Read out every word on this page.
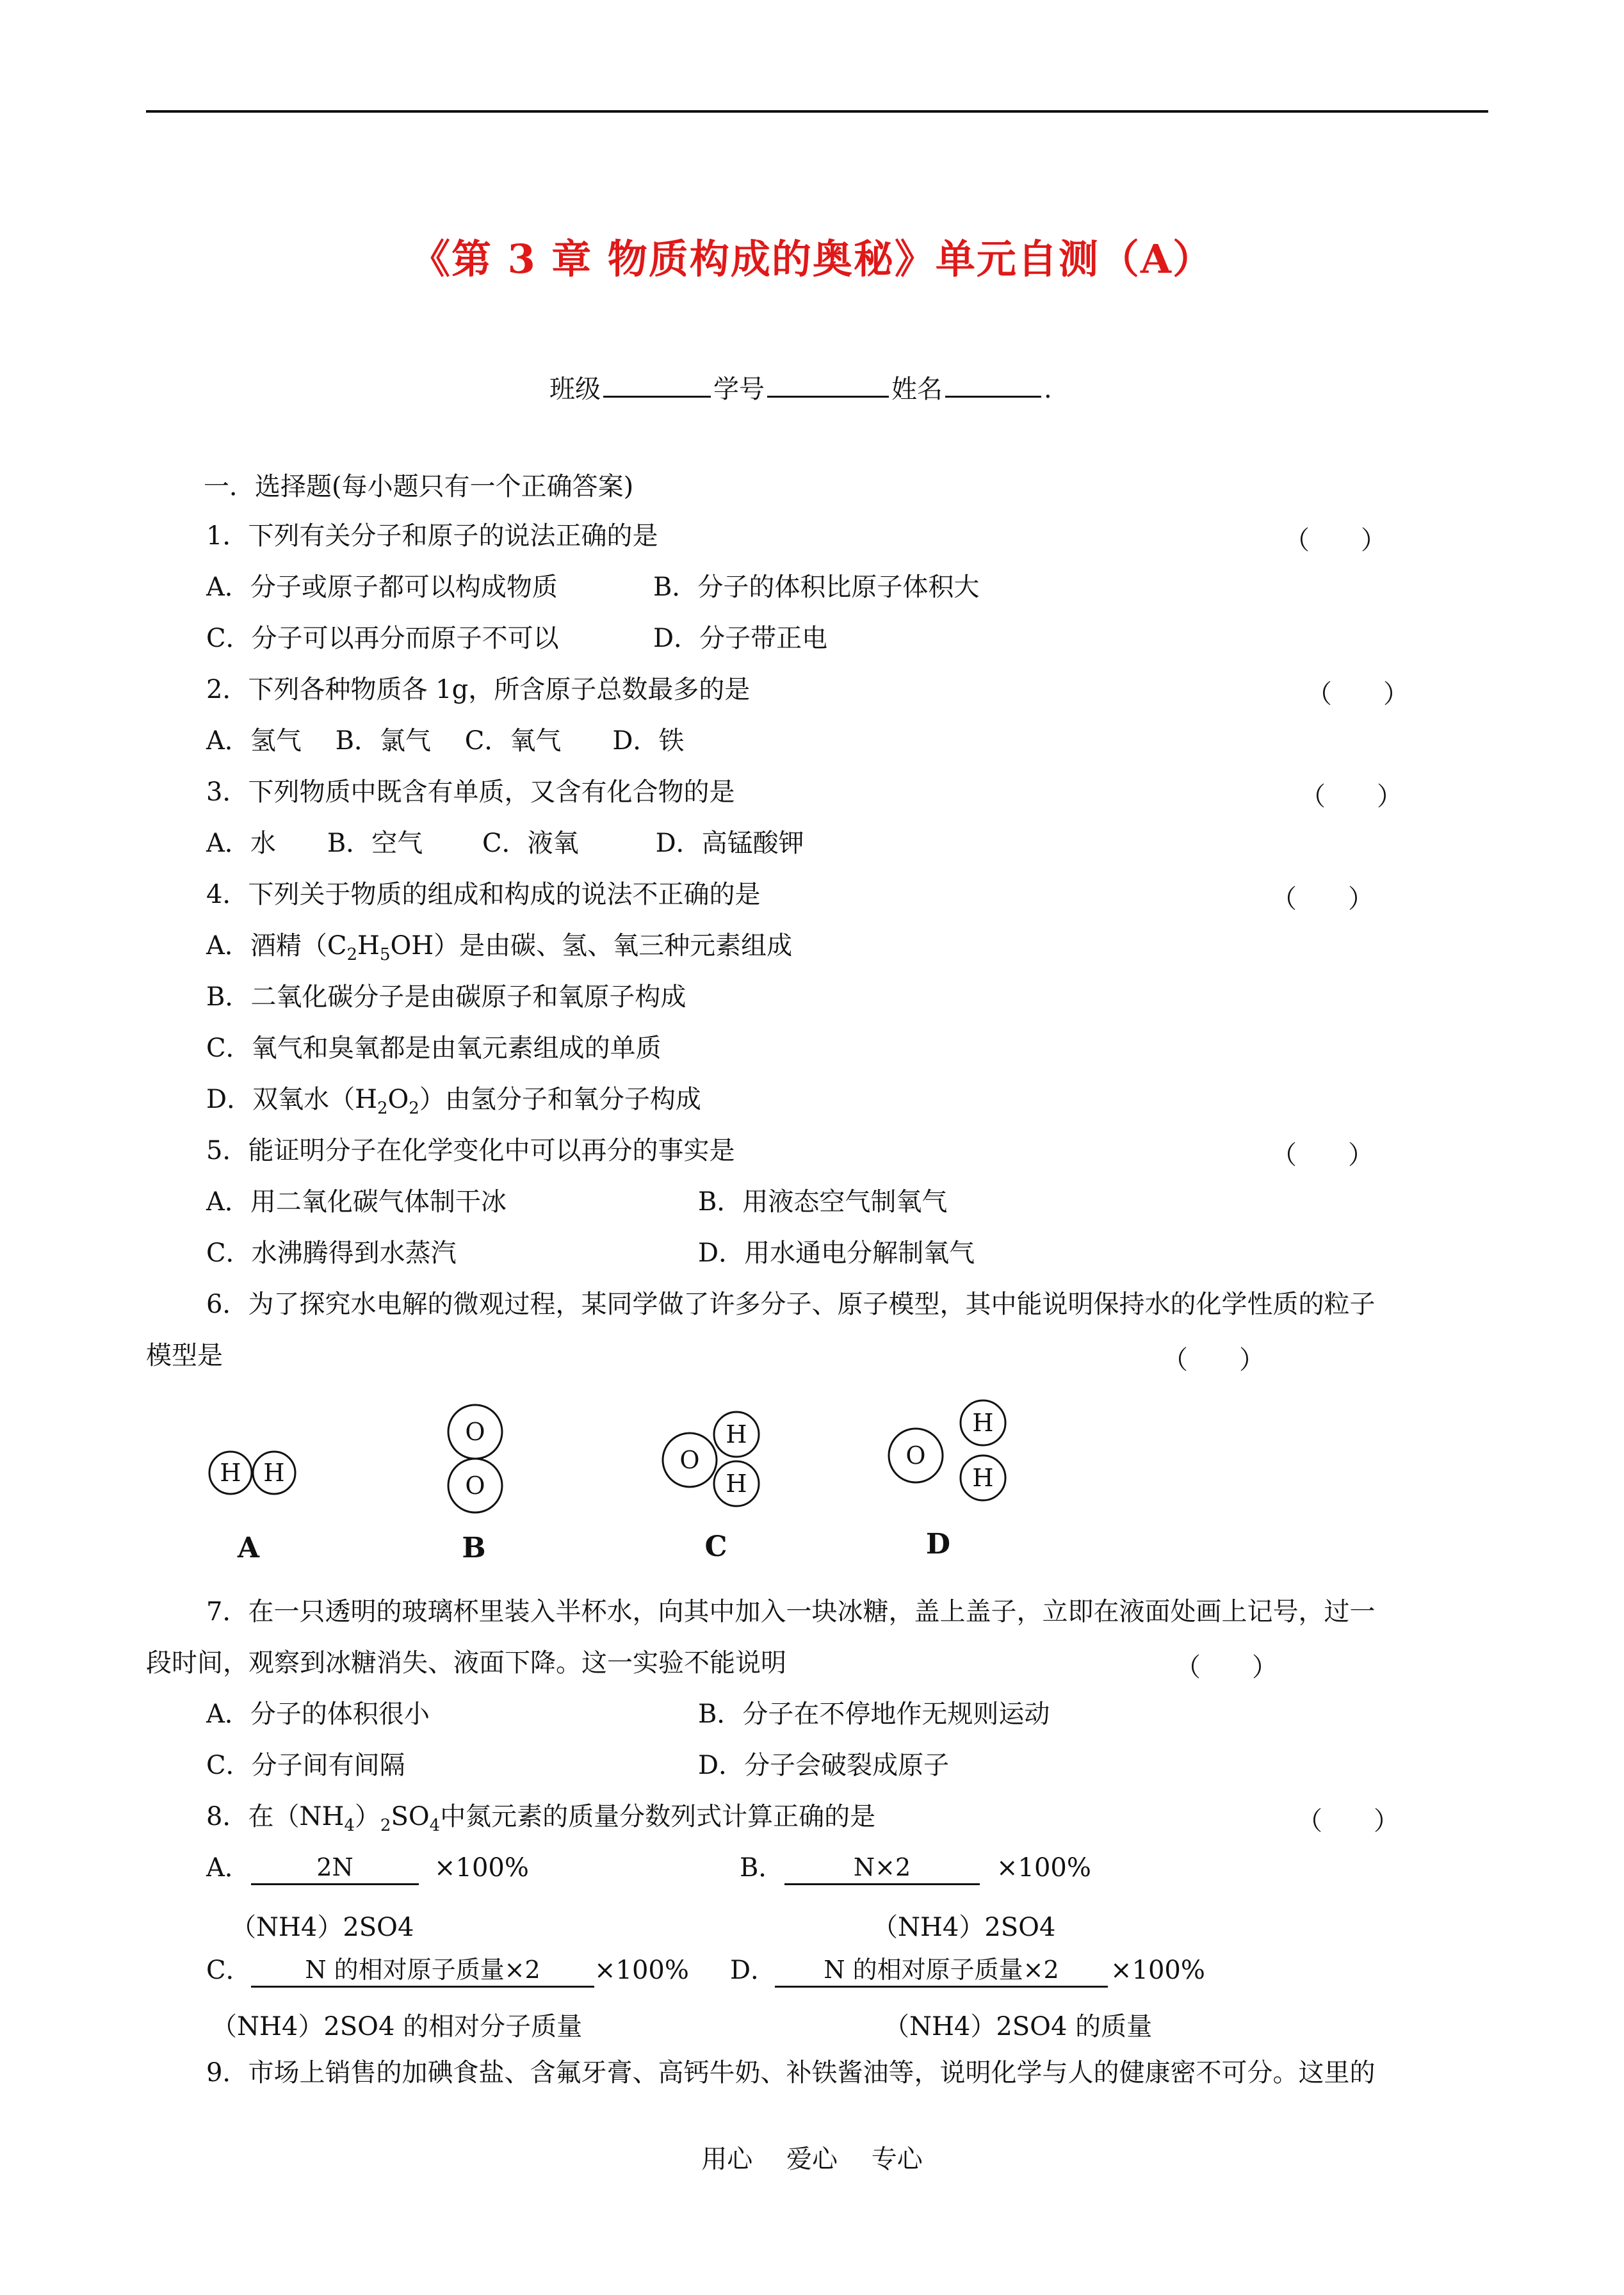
《第 3 章 物质构成的奥秘》单元自测（A）
班级	学号	姓名	.
一．选择题(每小题只有一个正确答案)
1．下列有关分子和原子的说法正确的是	（　　）
A．分子或原子都可以构成物质	B．分子的体积比原子体积大
C．分子可以再分而原子不可以	D．分子带正电
2．下列各种物质各 1g，所含原子总数最多的是	（　　）
A．氢气　 B．氯气　 C．氧气　　D．铁
3．下列物质中既含有单质，又含有化合物的是	（　　）
A．水　　B．空气　　 C．液氧　　　D．高锰酸钾
4．下列关于物质的组成和构成的说法不正确的是	（　　）
A．酒精$(C_2H_5OH)$是由碳、氢、氧三种元素组成
B．二氧化碳分子是由碳原子和氧原子构成
C．氧气和臭氧都是由氧元素组成的单质
D．双氧水$(H_2O_2)$由氢分子和氧分子构成
5．能证明分子在化学变化中可以再分的事实是	（　　）
A．用二氧化碳气体制干冰	B．用液态空气制氧气
C．水沸腾得到水蒸汽	D．用水通电分解制氧气
6．为了探究水电解的微观过程，某同学做了许多分子、原子模型，其中能说明保持水的化学性质的粒子
模型是	（　　）
H H
O
O
O
H
H
O
H
H
A	B	C	D
7．在一只透明的玻璃杯里装入半杯水，向其中加入一块冰糖，盖上盖子，立即在液面处画上记号，过一
段时间，观察到冰糖消失、液面下降。这一实验不能说明	（　　）
A．分子的体积很小	B．分子在不停地作无规则运动
C．分子间有间隔	D．分子会破裂成原子
8．在$(NH_4)_2SO_4$中氮元素的质量分数列式计算正确的是	（　　）
A．	2N	×100%
（NH4）2SO4
B．	N×2	×100%
（NH4）2SO4
C．	N 的相对原子质量×2	×100%
（NH4）2SO4 的相对分子质量
D．	N 的相对原子质量×2	×100%
（NH4）2SO4 的质量
9．市场上销售的加碘食盐、含氟牙膏、高钙牛奶、补铁酱油等，说明化学与人的健康密不可分。这里的
用心 爱心 专心
